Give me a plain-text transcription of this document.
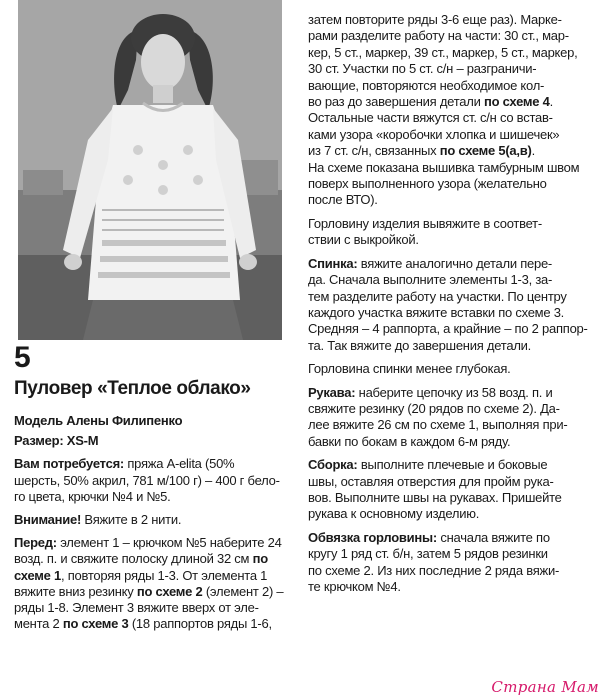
5
Пуловер «Теплое облако»

Модель Алены Филипенко

Размер: XS-M

Вам потребуется: пряжа A-elita (50%
шерсть, 50% акрил, 781 м/100 г) – 400 г бело-
го цвета, крючки №4 и №5.

Внимание! Вяжите в 2 нити.

Перед: элемент 1 – крючком №5 наберите 24
возд. п. и свяжите полоску длиной 32 см по
схеме 1, повторяя ряды 1-3. От элемента 1
вяжите вниз резинку по схеме 2 (элемент 2) –
ряды 1-8. Элемент 3 вяжите вверх от эле-
мента 2 по схеме 3 (18 раппортов ряды 1-6,

затем повторите ряды 3-6 еще раз). Марке-
рами разделите работу на части: 30 ст., мар-
кер, 5 ст., маркер, 39 ст., маркер, 5 ст., маркер,
30 ст. Участки по 5 ст. с/н – разграничи-
вающие, повторяются необходимое кол-
во раз до завершения детали по схеме 4.
Остальные части вяжутся ст. с/н со встав-
ками узора «коробочки хлопка и шишечек»
из 7 ст. с/н, связанных по схеме 5(а,в).
На схеме показана вышивка тамбурным швом
поверх выполненного узора (желательно
после ВТО).

Горловину изделия вывяжите в соответ-
ствии с выкройкой.

Спинка: вяжите аналогично детали пере-
да. Сначала выполните элементы 1-3, за-
тем разделите работу на участки. По центру
каждого участка вяжите вставки по схеме 3.
Средняя – 4 раппорта, а крайние – по 2 раппор-
та. Так вяжите до завершения детали.

Горловина спинки менее глубокая.

Рукава: наберите цепочку из 58 возд. п. и
свяжите резинку (20 рядов по схеме 2). Да-
лее вяжите 26 см по схеме 1, выполняя при-
бавки по бокам в каждом 6-м ряду.

Сборка: выполните плечевые и боковые
швы, оставляя отверстия для пройм рука-
вов. Выполните швы на рукавах. Пришейте
рукава к основному изделию.

Обвязка горловины: сначала вяжите по
кругу 1 ряд ст. б/н, затем 5 рядов резинки
по схеме 2. Из них последние 2 ряда вяжи-
те крючком №4.

Страна Мам
